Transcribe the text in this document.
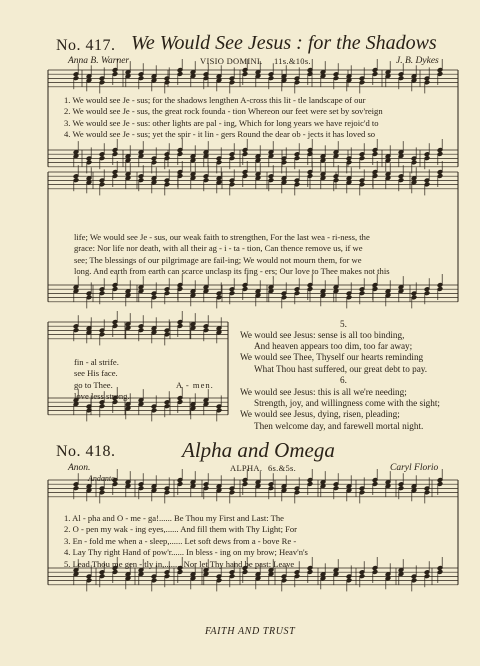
No. 417. We Would See Jesus : for the Shadows
Anna B. Warner	VISIO DOMINI. 11s.&10s.	J. B. Dykes
1. We would see Je - sus; for the shadows lengthen A-cross this lit - tle landscape of our
2. We would see Je - sus, the great rock founda - tion Whereon our feet were set by sov'reign
3. We would see Je - sus: other lights are pal - ing, Which for long years we have rejoic'd to
4. We would see Je - sus; yet the spir - it lin - gers Round the dear ob - jects it has loved so
life; We would see Je - sus, our weak faith to strengthen, For the last wea - ri-ness, the
grace: Nor life nor death, with all their ag - i - ta - tion, Can thence remove us, if we
see; The blessings of our pilgrimage are fail-ing; We would not mourn them, for we
long. And earth from earth can scarce unclasp its fing - ers; Our love to Thee makes not this
fin - al strife.
see His face.
go to Thee.
love less strong.
A - men.
5.
We would see Jesus: sense is all too binding,
And heaven appears too dim, too far away;
We would see Thee, Thyself our hearts reminding
What Thou hast suffered, our great debt to pay.
6.
We would see Jesus: this is all we're needing;
Strength, joy, and willingness come with the sight;
We would see Jesus, dying, risen, pleading;
Then welcome day, and farewell mortal night.
No. 418.	Alpha and Omega
Anon.
Andante.
ALPHA. 6s.&5s.	Caryl Florio
1. Al - pha and O - me - ga!...... Be Thou my First and Last: The
2. O - pen my wak - ing eyes,...... And fill them with Thy Light; For
3. En - fold me when a - sleep,...... Let soft dews from a - bove Re -
4. Lay Thy right Hand of pow'r...... In bless - ing on my brow; Heav'n's
5. Lead Thou me gen - tly in,........ Nor let Thy hand be past: Leave
FAITH AND TRUST
